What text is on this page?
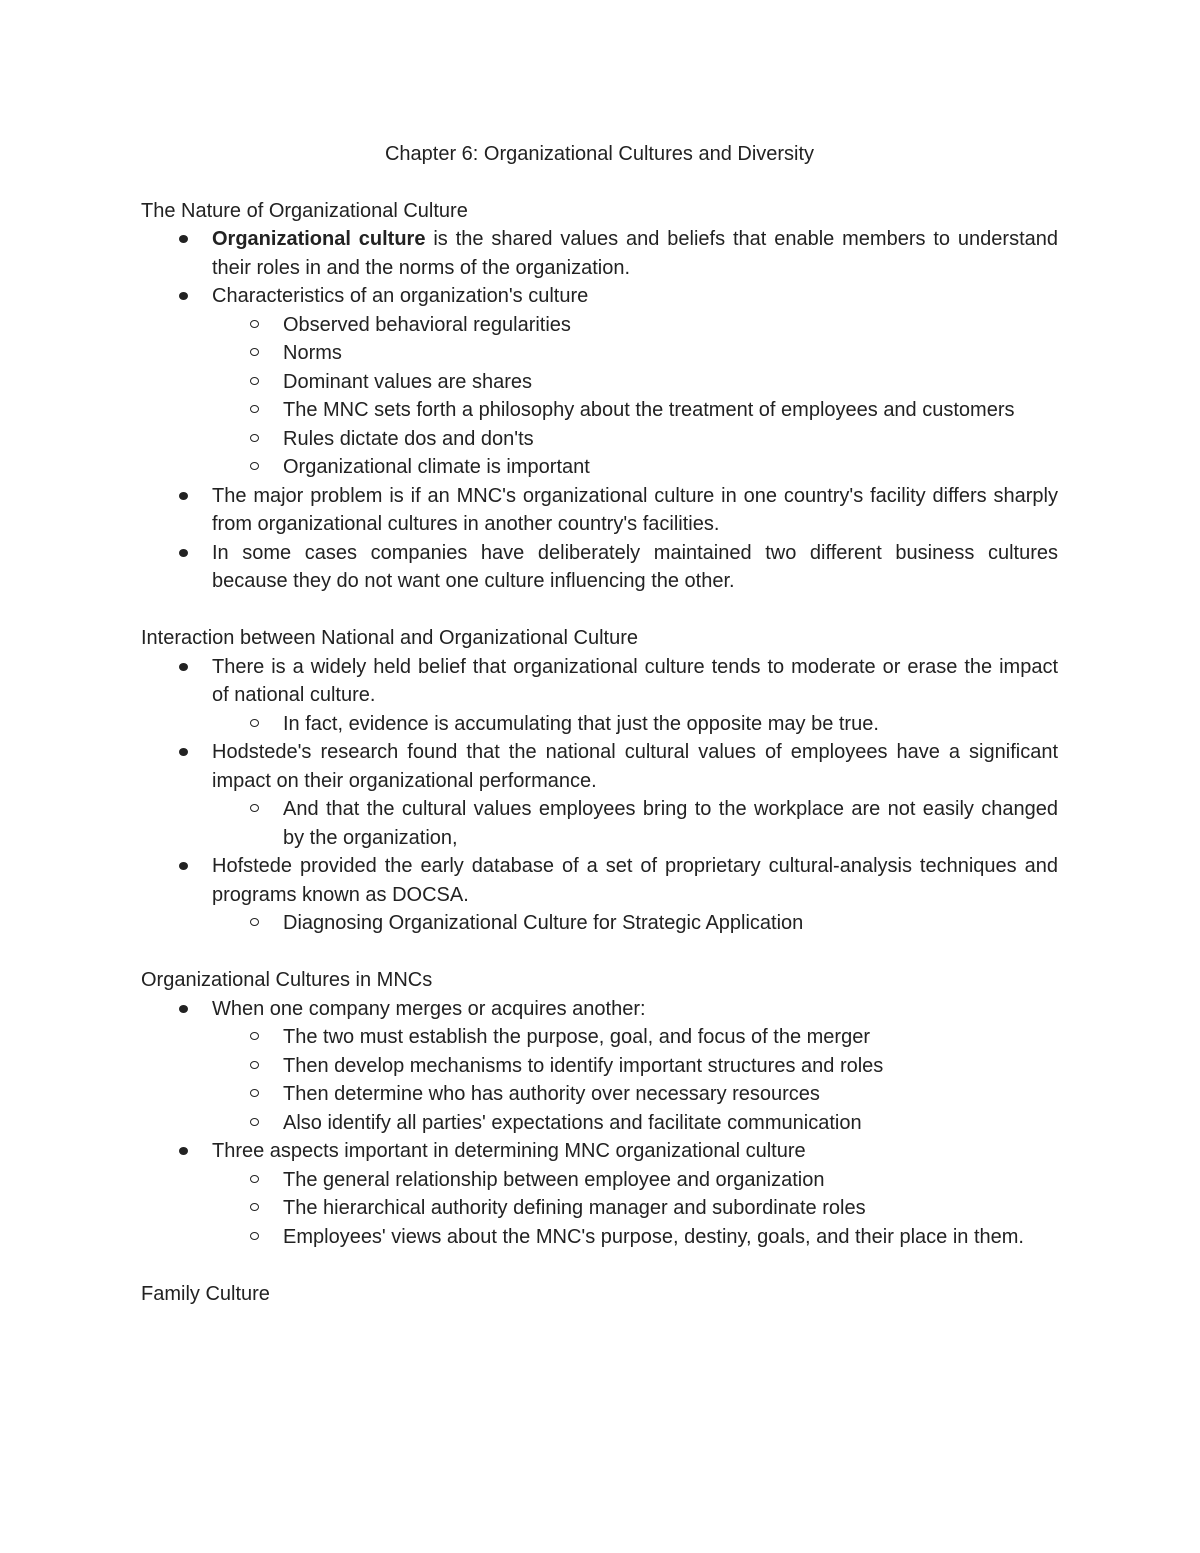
Chapter 6: Organizational Cultures and Diversity
The Nature of Organizational Culture
Organizational culture is the shared values and beliefs that enable members to understand their roles in and the norms of the organization.
Characteristics of an organization's culture
Observed behavioral regularities
Norms
Dominant values are shares
The MNC sets forth a philosophy about the treatment of employees and customers
Rules dictate dos and don'ts
Organizational climate is important
The major problem is if an MNC's organizational culture in one country's facility differs sharply from organizational cultures in another country's facilities.
In some cases companies have deliberately maintained two different business cultures because they do not want one culture influencing the other.
Interaction between National and Organizational Culture
There is a widely held belief that organizational culture tends to moderate or erase the impact of national culture.
In fact, evidence is accumulating that just the opposite may be true.
Hodstede's research found that the national cultural values of employees have a significant impact on their organizational performance.
And that the cultural values employees bring to the workplace are not easily changed by the organization,
Hofstede provided the early database of a set of proprietary cultural-analysis techniques and programs known as DOCSA.
Diagnosing Organizational Culture for Strategic Application
Organizational Cultures in MNCs
When one company merges or acquires another:
The two must establish the purpose, goal, and focus of the merger
Then develop mechanisms to identify important structures and roles
Then determine who has authority over necessary resources
Also identify all parties' expectations and facilitate communication
Three aspects important in determining MNC organizational culture
The general relationship between employee and organization
The hierarchical authority defining manager and subordinate roles
Employees' views about the MNC's purpose, destiny, goals, and their place in them.
Family Culture
